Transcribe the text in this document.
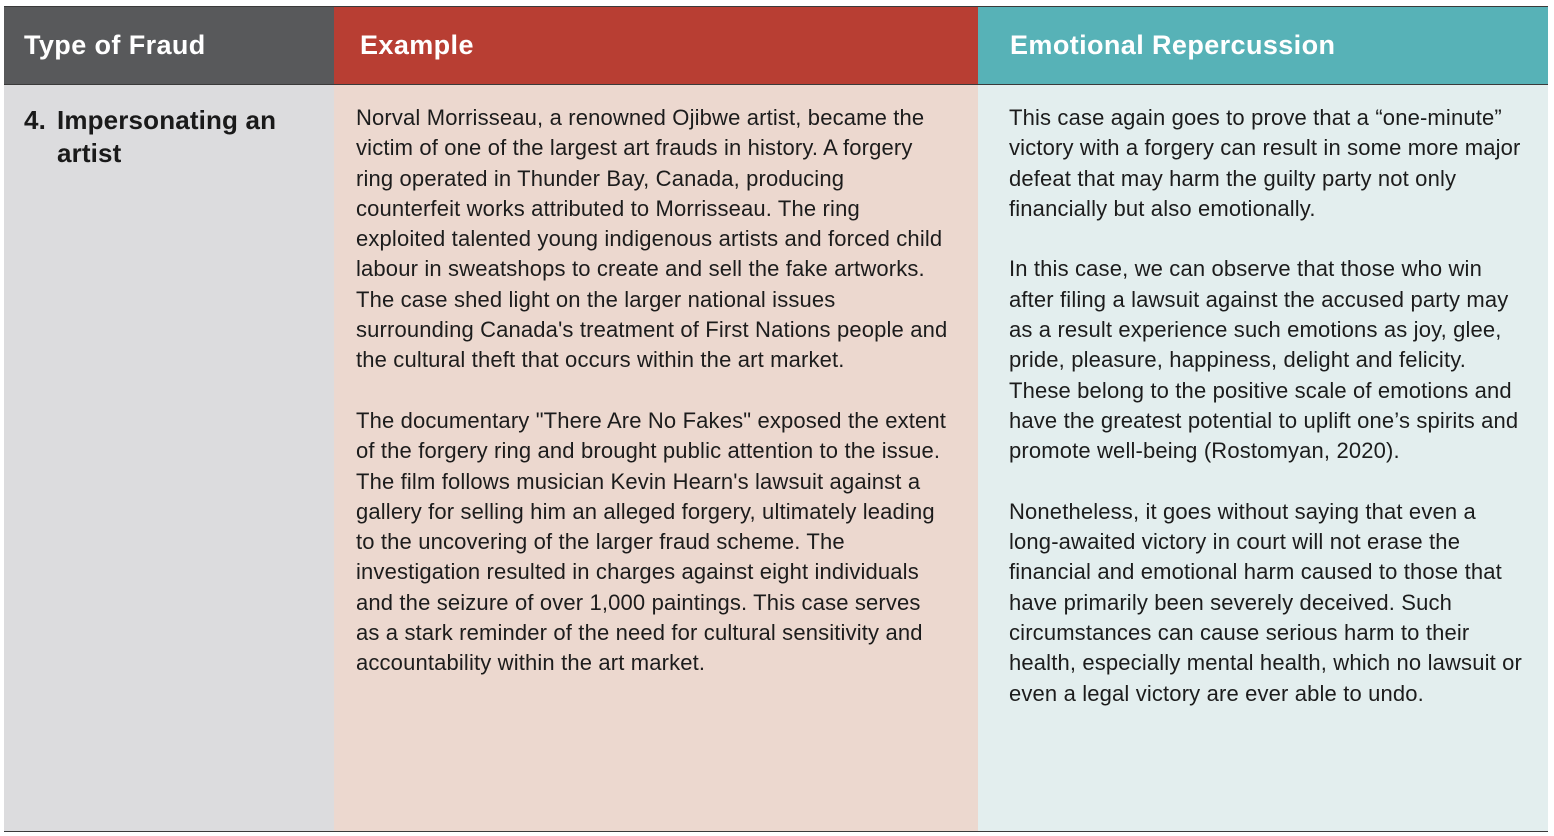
Type of Fraud	Example	Emotional Repercussion
4. Impersonating an artist

Norval Morrisseau, a renowned Ojibwe artist, became the victim of one of the largest art frauds in history. A forgery ring operated in Thunder Bay, Canada, producing counterfeit works attributed to Morrisseau. The ring exploited talented young indigenous artists and forced child labour in sweatshops to create and sell the fake artworks. The case shed light on the larger national issues surrounding Canada's treatment of First Nations people and the cultural theft that occurs within the art market.

The documentary "There Are No Fakes" exposed the extent of the forgery ring and brought public attention to the issue. The film follows musician Kevin Hearn's lawsuit against a gallery for selling him an alleged forgery, ultimately leading to the uncovering of the larger fraud scheme. The investigation resulted in charges against eight individuals and the seizure of over 1,000 paintings. This case serves as a stark reminder of the need for cultural sensitivity and accountability within the art market.

This case again goes to prove that a “one-minute” victory with a forgery can result in some more major defeat that may harm the guilty party not only financially but also emotionally.

In this case, we can observe that those who win after filing a lawsuit against the accused party may as a result experience such emotions as joy, glee, pride, pleasure, happiness, delight and felicity. These belong to the positive scale of emotions and have the greatest potential to uplift one’s spirits and promote well-being (Rostomyan, 2020).

Nonetheless, it goes without saying that even a long-awaited victory in court will not erase the financial and emotional harm caused to those that have primarily been severely deceived. Such circumstances can cause serious harm to their health, especially mental health, which no lawsuit or even a legal victory are ever able to undo.
